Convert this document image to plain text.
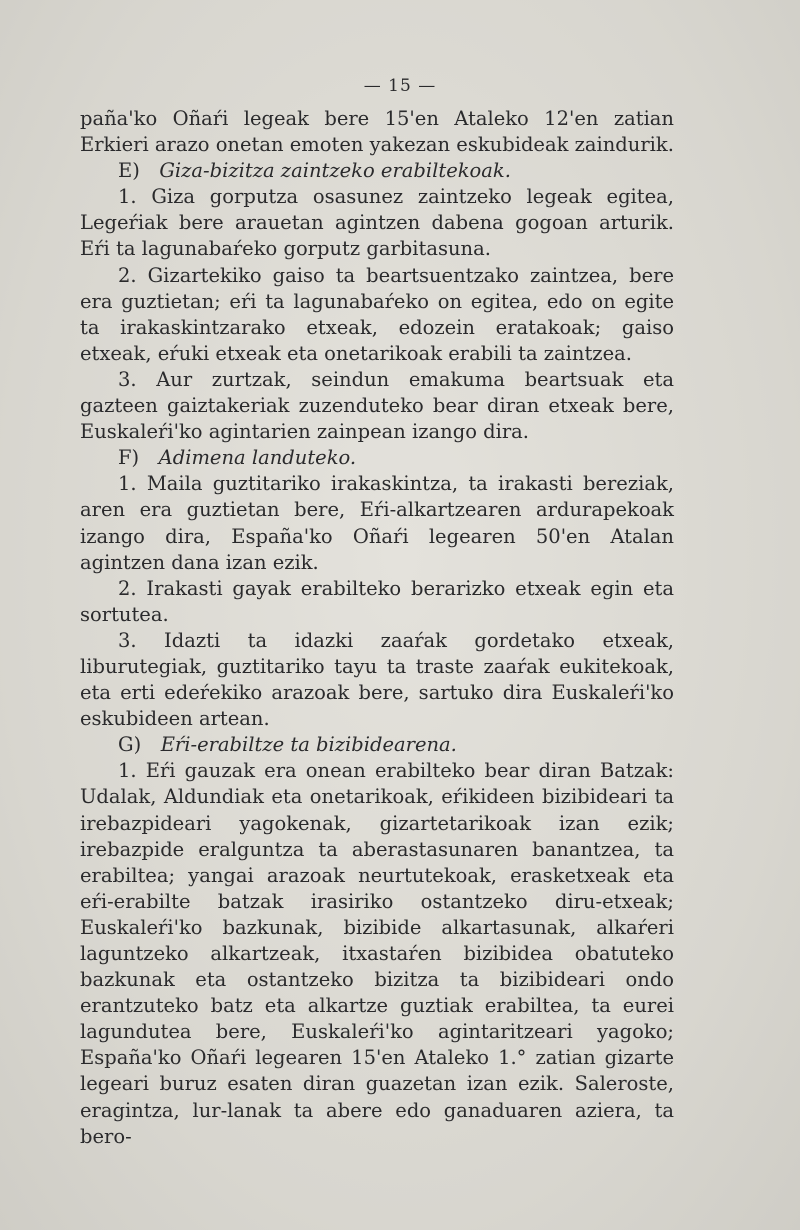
— 15 —

paña'ko Oñaŕi legeak bere 15'en Ataleko 12'en zatian Erkieri arazo onetan emoten yakezan eskubideak zaindurik.

E)  Giza-bizitza zaintzeko erabiltekoak.

1. Giza gorputza osasunez zaintzeko legeak egitea, Legeŕiak bere arauetan agintzen dabena gogoan arturik. Eŕi ta lagunabaŕeko gorputz garbitasuna.

2. Gizartekiko gaiso ta beartsuentzako zaintzea, bere era guztietan; eŕi ta lagunabaŕeko on egitea, edo on egite ta irakaskintzarako etxeak, edozein eratakoak; gaiso etxeak, eŕuki etxeak eta onetarikoak erabili ta zaintzea.

3. Aur zurtzak, seindun emakuma beartsuak eta gazteen gaiztakeriak zuzenduteko bear diran etxeak bere, Euskaleŕi'ko agintarien zainpean izango dira.

F)  Adimena landuteko.

1. Maila guztitariko irakaskintza, ta irakasti bereziak, aren era guztietan bere, Eŕi-alkartzearen ardurapekoak izango dira, España'ko Oñaŕi legearen 50'en Atalan agintzen dana izan ezik.

2. Irakasti gayak erabilteko berarizko etxeak egin eta sortutea.

3. Idazti ta idazki zaaŕak gordetako etxeak, liburutegiak, guztitariko tayu ta traste zaaŕak eukitekoak, eta erti edeŕekiko arazoak bere, sartuko dira Euskaleŕi'ko eskubideen artean.

G)  Eŕi-erabiltze ta bizibidearena.

1. Eŕi gauzak era onean erabilteko bear diran Batzak: Udalak, Aldundiak eta onetarikoak, eŕikideen bizibideari ta irebazpideari yagokenak, gizartetarikoak izan ezik; irebazpide eralguntza ta aberastasunaren banantzea, ta erabiltea; yangai arazoak neurtutekoak, erasketxeak eta eŕi-erabilte batzak irasiriko ostantzeko diru-etxeak; Euskaleŕi'ko bazkunak, bizibide alkartasunak, alkaŕeri laguntzeko alkartzeak, itxastaŕen bizibidea obatuteko bazkunak eta ostantzeko bizitza ta bizibideari ondo erantzuteko batz eta alkartze guztiak erabiltea, ta eurei lagundutea bere, Euskaleŕi'ko agintaritzeari yagoko; España'ko Oñaŕi legearen 15'en Ataleko 1.° zatian gizarte legeari buruz esaten diran guazetan izan ezik. Saleroste, eragintza, lur-lanak ta abere edo ganaduaren aziera, ta bero-
